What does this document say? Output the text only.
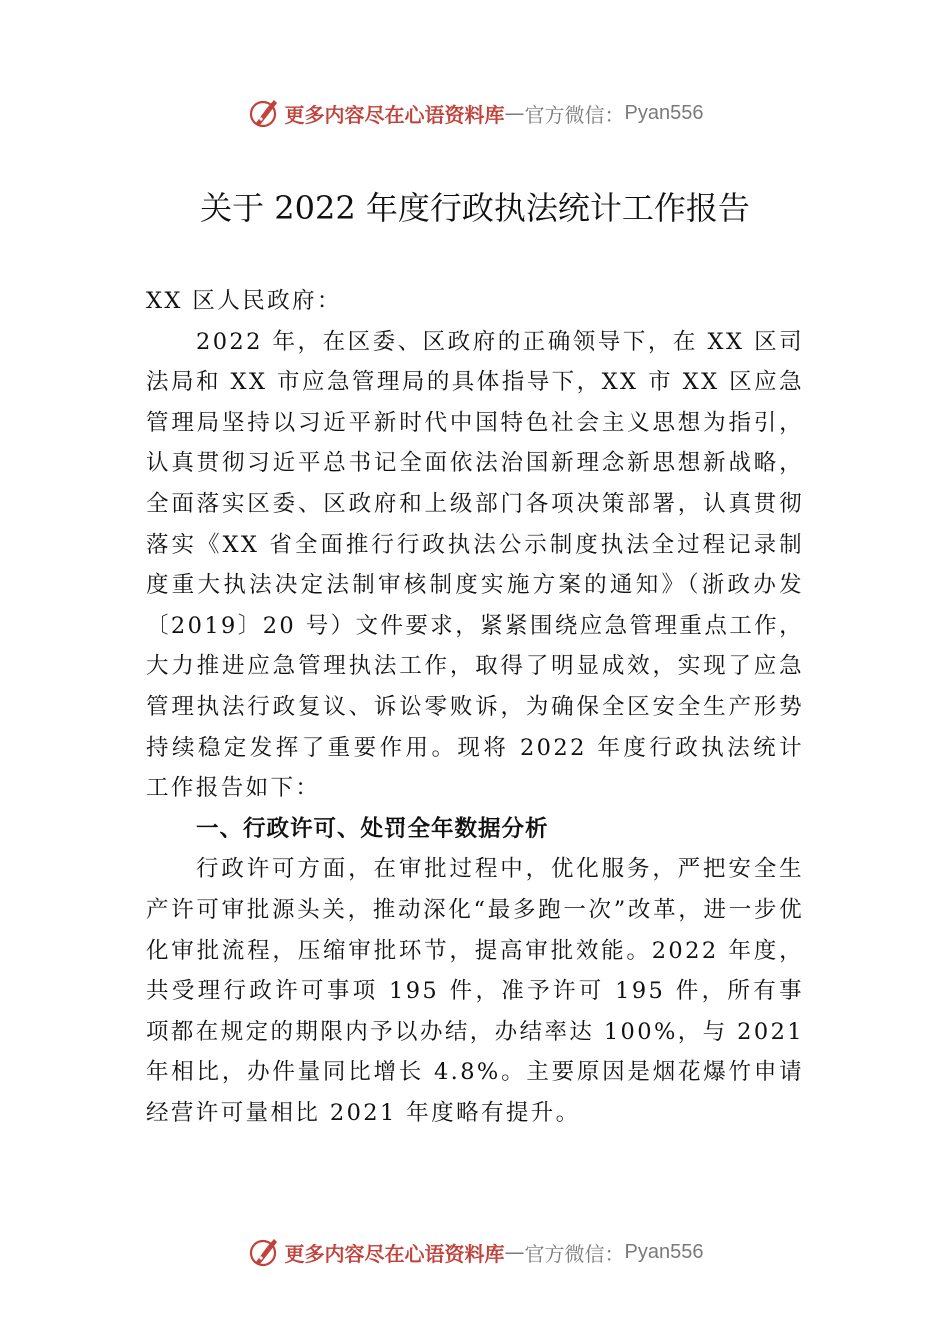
更多内容尽在心语资料库 — 官方微信： Pyan556
关于 2022 年度行政执法统计工作报告

XX 区人民政府：

2022 年，在区委、区政府的正确领导下，在 XX 区司法局和 XX 市应急管理局的具体指导下，XX 市 XX 区应急管理局坚持以习近平新时代中国特色社会主义思想为指引，认真贯彻习近平总书记全面依法治国新理念新思想新战略，全面落实区委、区政府和上级部门各项决策部署，认真贯彻落实《XX 省全面推行行政执法公示制度执法全过程记录制度重大执法决定法制审核制度实施方案的通知》（浙政办发〔2019〕20 号）文件要求，紧紧围绕应急管理重点工作，大力推进应急管理执法工作，取得了明显成效，实现了应急管理执法行政复议、诉讼零败诉，为确保全区安全生产形势持续稳定发挥了重要作用。现将 2022 年度行政执法统计工作报告如下：

一、行政许可、处罚全年数据分析

行政许可方面，在审批过程中，优化服务，严把安全生产许可审批源头关，推动深化“最多跑一次”改革，进一步优化审批流程，压缩审批环节，提高审批效能。2022 年度，共受理行政许可事项 195 件，准予许可 195 件，所有事项都在规定的期限内予以办结，办结率达 100%，与 2021 年相比，办件量同比增长 4.8%。主要原因是烟花爆竹申请经营许可量相比 2021 年度略有提升。

更多内容尽在心语资料库 — 官方微信： Pyan556
